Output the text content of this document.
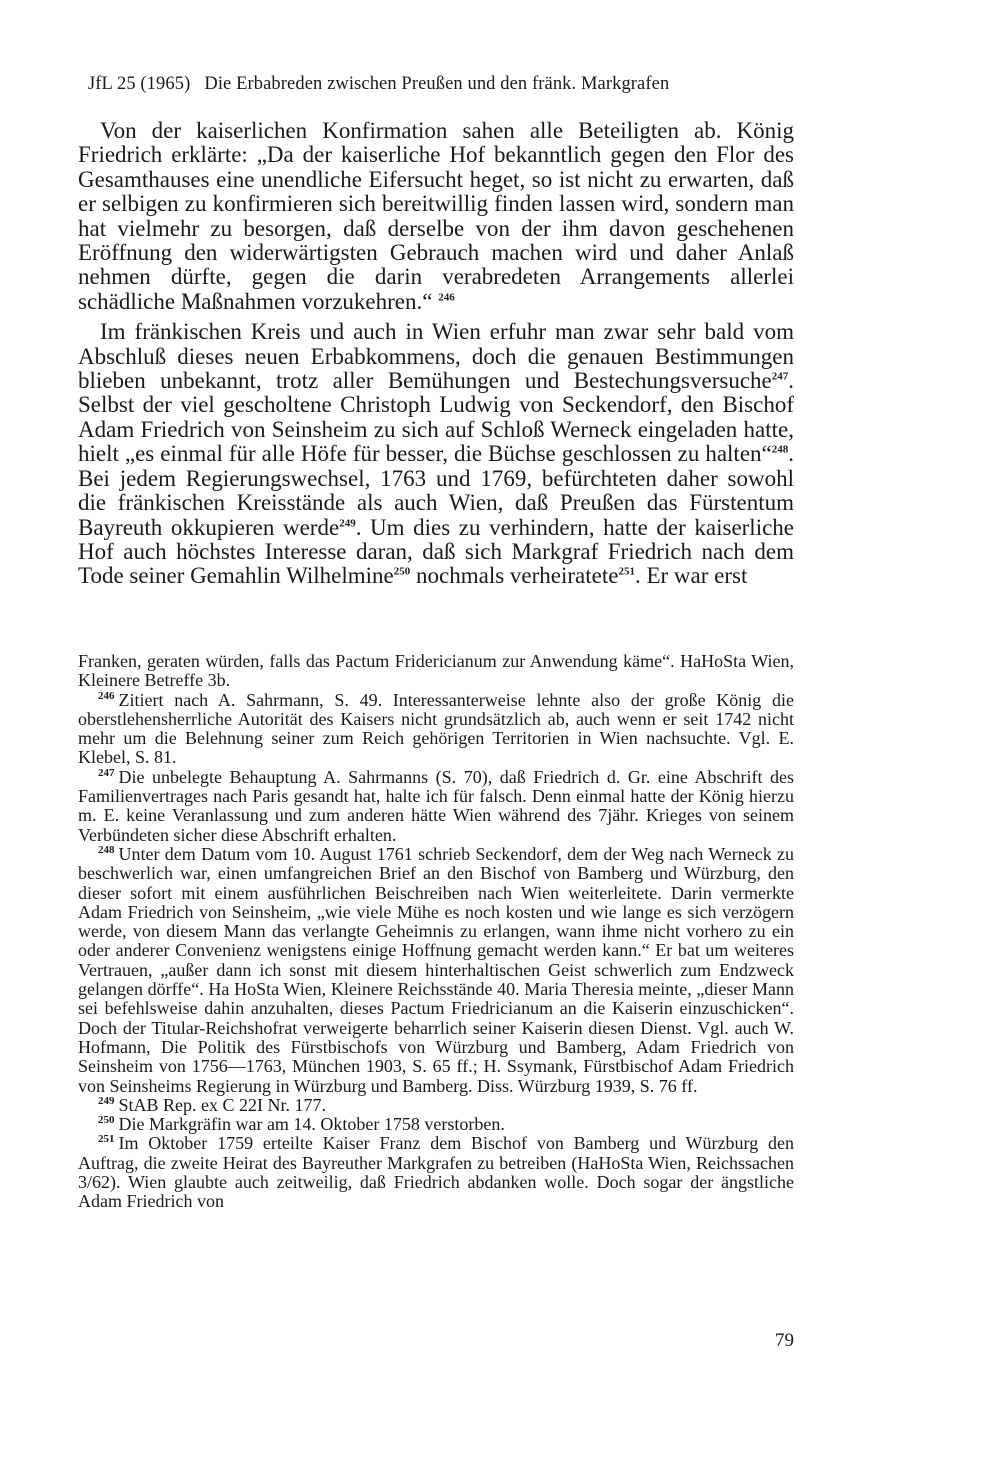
JfL 25 (1965) Die Erbabreden zwischen Preußen und den fränk. Markgrafen

Von der kaiserlichen Konfirmation sahen alle Beteiligten ab. König Friedrich erklärte: „Da der kaiserliche Hof bekanntlich gegen den Flor des Gesamthauses eine unendliche Eifersucht heget, so ist nicht zu erwarten, daß er selbigen zu konfirmieren sich bereitwillig finden lassen wird, sondern man hat vielmehr zu besorgen, daß derselbe von der ihm davon geschehenen Eröffnung den widerwärtigsten Gebrauch machen wird und daher Anlaß nehmen dürfte, gegen die darin verabredeten Arrangements allerlei schädliche Maßnahmen vorzukehren.“ $^{246}$

Im fränkischen Kreis und auch in Wien erfuhr man zwar sehr bald vom Abschluß dieses neuen Erbabkommens, doch die genauen Bestimmungen blieben unbekannt, trotz aller Bemühungen und Bestechungsversuche$^{247}$. Selbst der viel gescholtene Christoph Ludwig von Seckendorf, den Bischof Adam Friedrich von Seinsheim zu sich auf Schloß Werneck eingeladen hatte, hielt „es einmal für alle Höfe für besser, die Büchse geschlossen zu halten“$^{248}$. Bei jedem Regierungswechsel, 1763 und 1769, befürchteten daher sowohl die fränkischen Kreisstände als auch Wien, daß Preußen das Fürstentum Bayreuth okkupieren werde$^{249}$. Um dies zu verhindern, hatte der kaiserliche Hof auch höchstes Interesse daran, daß sich Markgraf Friedrich nach dem Tode seiner Gemahlin Wilhelmine$^{250}$ nochmals verheiratete$^{251}$. Er war erst

Franken, geraten würden, falls das Pactum Fridericianum zur Anwendung käme“. HaHoSta Wien, Kleinere Betreffe 3b.

$^{246}$ Zitiert nach A. Sahrmann, S. 49. Interessanterweise lehnte also der große König die oberstlehensherrliche Autorität des Kaisers nicht grundsätzlich ab, auch wenn er seit 1742 nicht mehr um die Belehnung seiner zum Reich gehörigen Territorien in Wien nachsuchte. Vgl. E. Klebel, S. 81.

$^{247}$ Die unbelegte Behauptung A. Sahrmanns (S. 70), daß Friedrich d. Gr. eine Abschrift des Familienvertrages nach Paris gesandt hat, halte ich für falsch. Denn einmal hatte der König hierzu m. E. keine Veranlassung und zum anderen hätte Wien während des 7jähr. Krieges von seinem Verbündeten sicher diese Abschrift erhalten.

$^{248}$ Unter dem Datum vom 10. August 1761 schrieb Seckendorf, dem der Weg nach Werneck zu beschwerlich war, einen umfangreichen Brief an den Bischof von Bamberg und Würzburg, den dieser sofort mit einem ausführlichen Beischreiben nach Wien weiterleitete. Darin vermerkte Adam Friedrich von Seinsheim, „wie viele Mühe es noch kosten und wie lange es sich verzögern werde, von diesem Mann das verlangte Geheimnis zu erlangen, wann ihme nicht vorhero zu ein oder anderer Convenienz wenigstens einige Hoffnung gemacht werden kann.“ Er bat um weiteres Vertrauen, „außer dann ich sonst mit diesem hinterhaltischen Geist schwerlich zum Endzweck gelangen dörffe“. Ha HoSta Wien, Kleinere Reichsstände 40. Maria Theresia meinte, „dieser Mann sei befehlsweise dahin anzuhalten, dieses Pactum Friedricianum an die Kaiserin einzuschicken“. Doch der Titular-Reichshofrat verweigerte beharrlich seiner Kaiserin diesen Dienst. Vgl. auch W. Hofmann, Die Politik des Fürstbischofs von Würzburg und Bamberg, Adam Friedrich von Seinsheim von 1756—1763, München 1903, S. 65 ff.; H. Ssymank, Fürstbischof Adam Friedrich von Seinsheims Regierung in Würzburg und Bamberg. Diss. Würzburg 1939, S. 76 ff.

$^{249}$ StAB Rep. ex C 22I Nr. 177.

$^{250}$ Die Markgräfin war am 14. Oktober 1758 verstorben.

$^{251}$ Im Oktober 1759 erteilte Kaiser Franz dem Bischof von Bamberg und Würzburg den Auftrag, die zweite Heirat des Bayreuther Markgrafen zu betreiben (HaHoSta Wien, Reichssachen 3/62). Wien glaubte auch zeitweilig, daß Friedrich abdanken wolle. Doch sogar der ängstliche Adam Friedrich von

79
